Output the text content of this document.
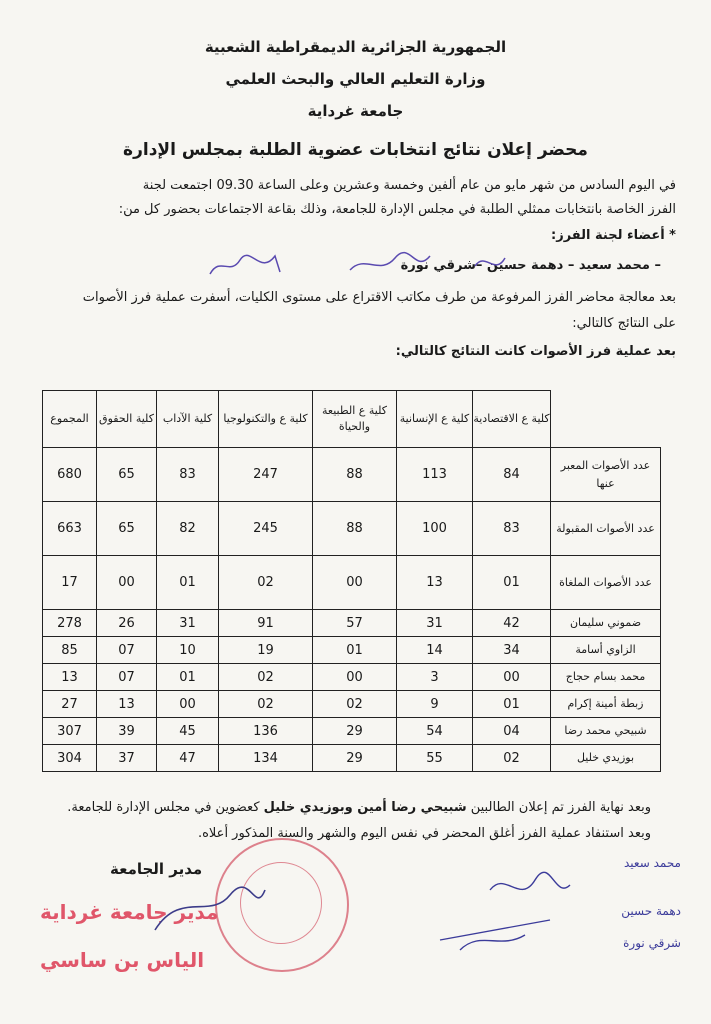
الجمهورية الجزائرية الديمقراطية الشعبية
وزارة التعليم العالي والبحث العلمي
جامعة غرداية
محضر إعلان نتائج انتخابات عضوية الطلبة بمجلس الإدارة
في اليوم السادس من شهر مايو من عام ألفين وخمسة وعشرين وعلى الساعة 09.30 اجتمعت لجنة
الفرز الخاصة بانتخابات ممثلي الطلبة في مجلس الإدارة للجامعة، وذلك بقاعة الاجتماعات بحضور كل من:
* أعضاء لجنة الفرز:
– محمد سعيد – دهمة حسين –شرقي نورة
بعد معالجة محاضر الفرز المرفوعة من طرف مكاتب الاقتراع على مستوى الكليات، أسفرت عملية فرز الأصوات
على النتائج كالتالي:
بعد عملية فرز الأصوات كانت النتائج كالتالي:
	كلية ع الاقتصادية	كلية ع الإنسانية	كلية ع الطبيعة والحياة	كلية ع والتكنولوجيا	كلية الآداب	كلية الحقوق	المجموع
عدد الأصوات المعبر عنها	84	113	88	247	83	65	680
عدد الأصوات المقبولة	83	100	88	245	82	65	663
عدد الأصوات الملغاة	01	13	00	02	01	00	17
ضموني سليمان	42	31	57	91	31	26	278
الزاوي أسامة	34	14	01	19	10	07	85
محمد بسام حجاج	00	3	00	02	01	07	13
زبطة أمينة إكرام	01	9	02	02	00	13	27
شبيحي محمد رضا	04	54	29	136	45	39	307
بوزيدي خليل	02	55	29	134	47	37	304
وبعد نهاية الفرز تم إعلان الطالبين شبيحي رضا أمين وبوزيدي خليل كعضوين في مجلس الإدارة للجامعة.
وبعد استنفاد عملية الفرز أغلق المحضر في نفس اليوم والشهر والسنة المذكور أعلاه.
مدير الجامعة
مدير جامعة غرداية
الياس بن ساسي
محمد سعيد
دهمة حسين
شرقي نورة
